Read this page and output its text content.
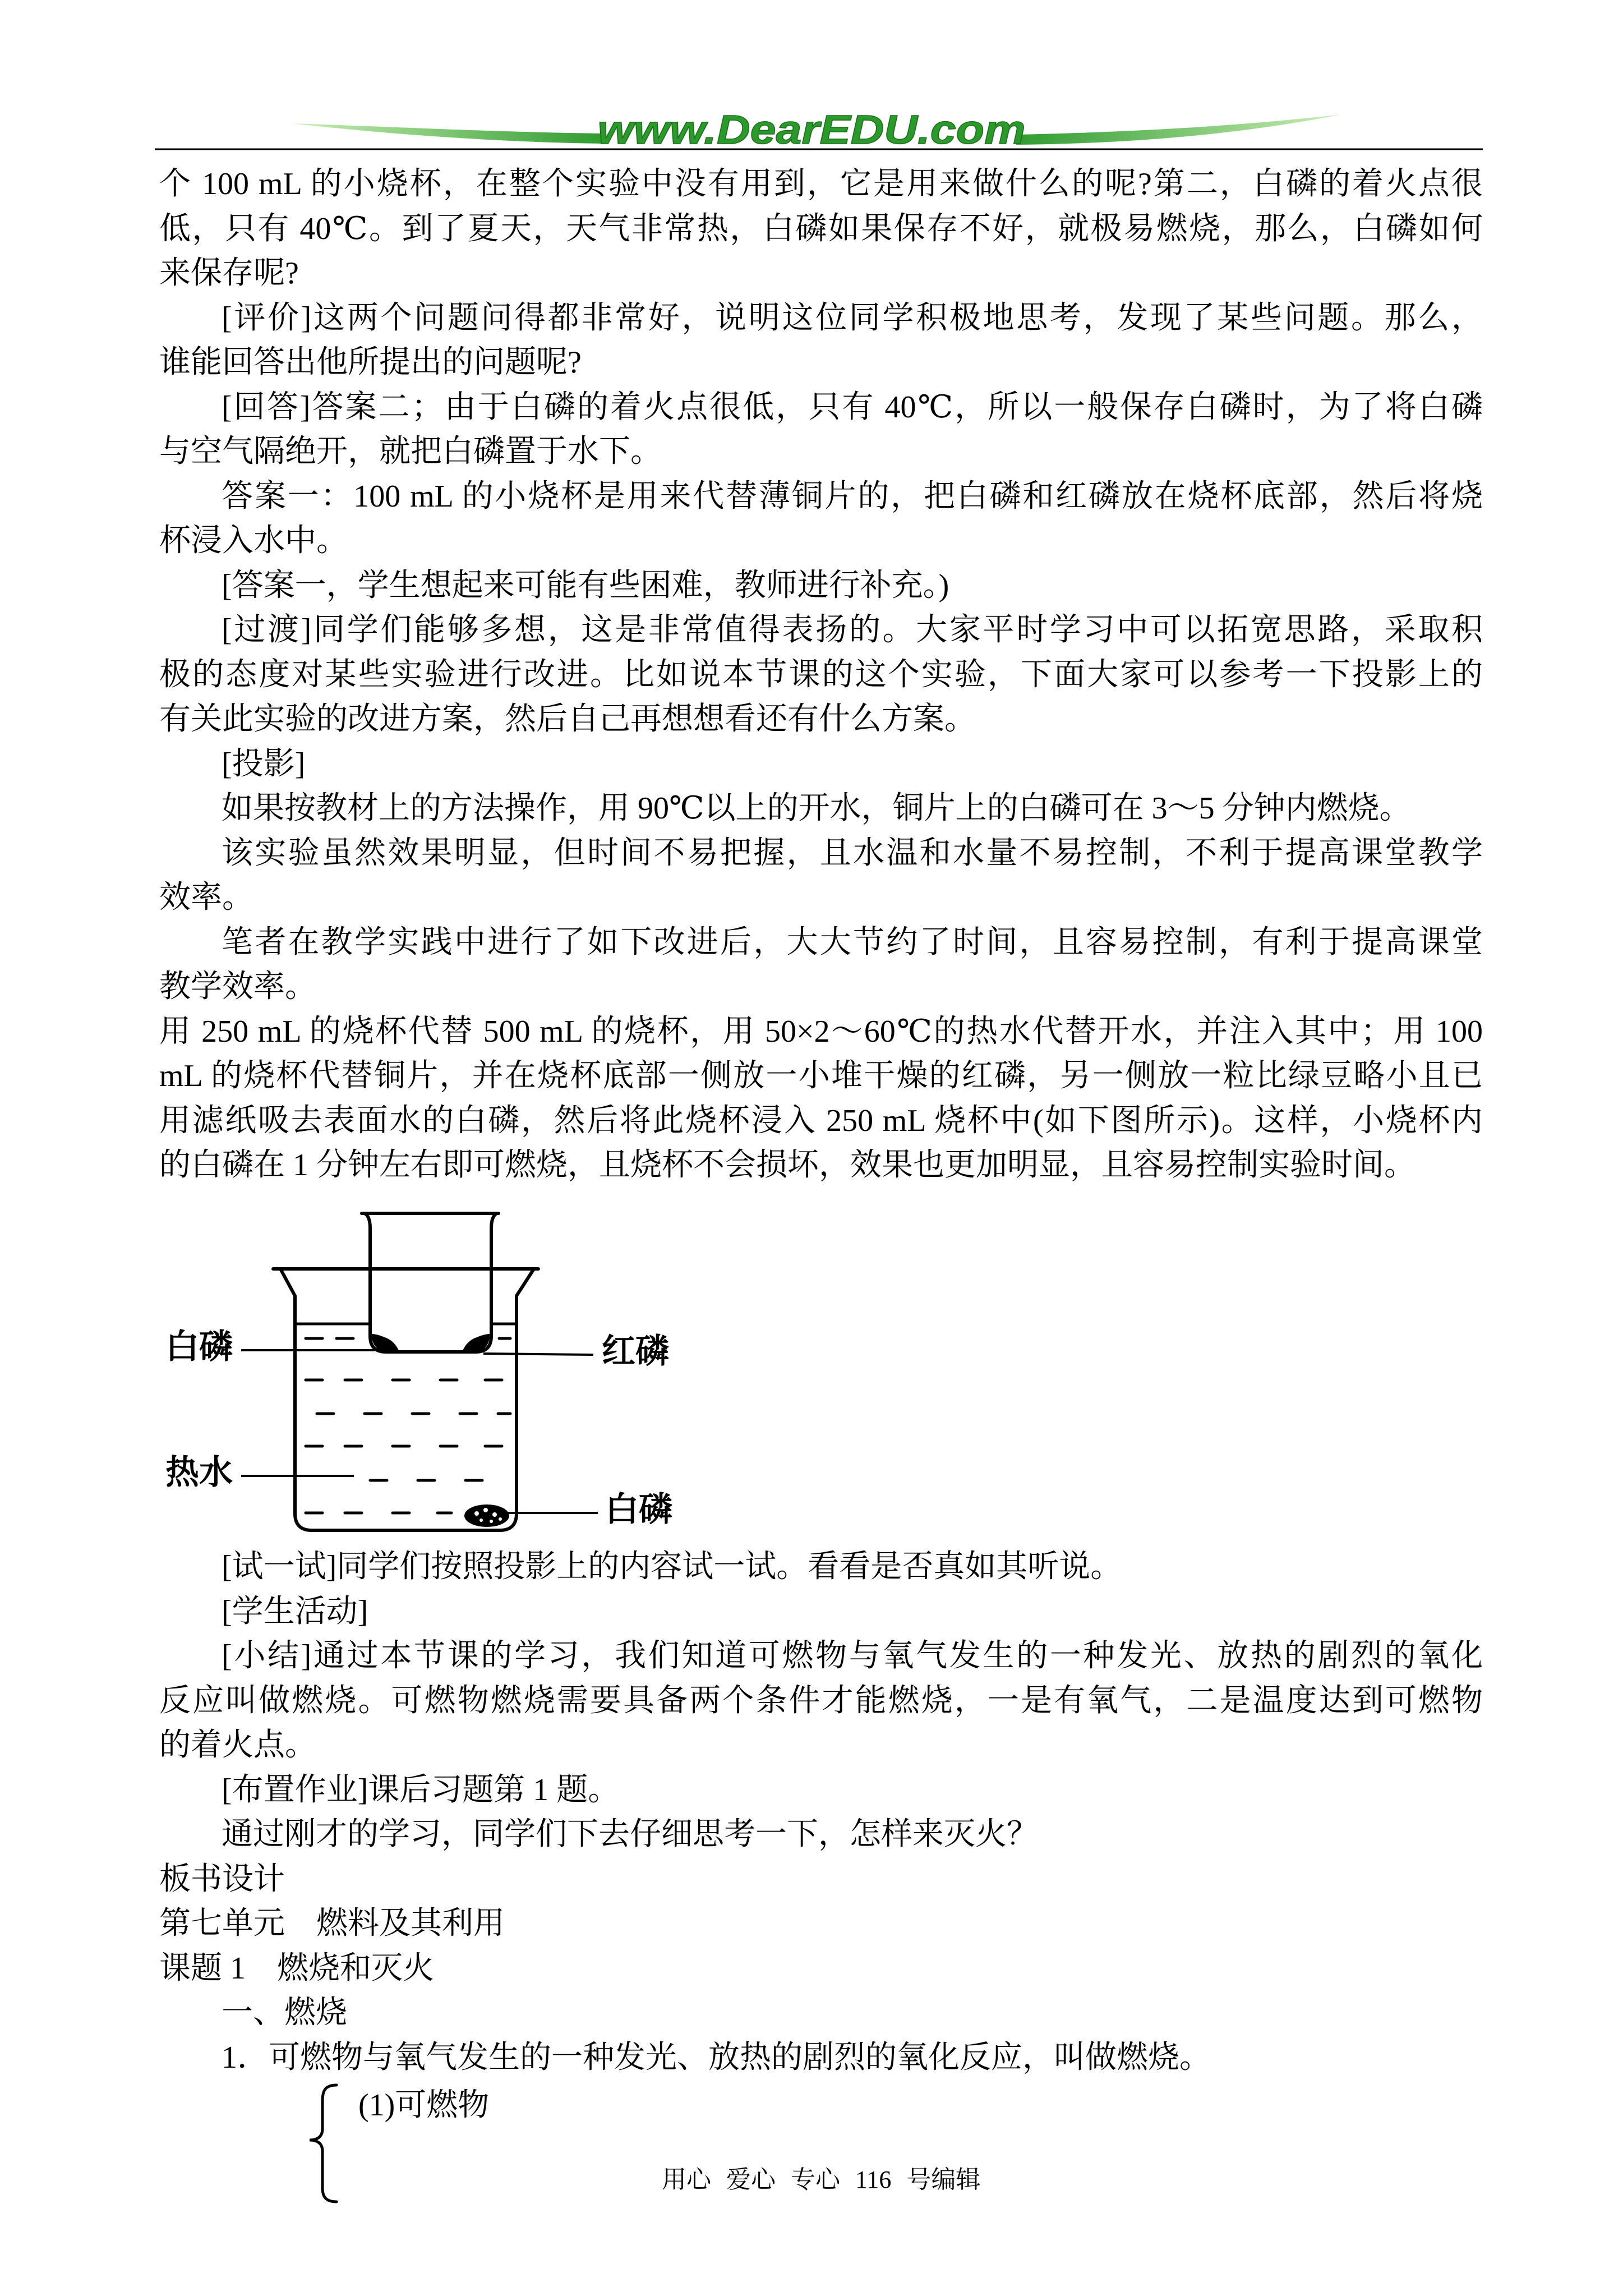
www.DearEDU.com
个 100 mL 的小烧杯，在整个实验中没有用到，它是用来做什么的呢?第二，白磷的着火点很
低，只有 40℃。到了夏天，天气非常热，白磷如果保存不好，就极易燃烧，那么，白磷如何
来保存呢?
[评价]这两个问题问得都非常好，说明这位同学积极地思考，发现了某些问题。那么，
谁能回答出他所提出的问题呢?
[回答]答案二；由于白磷的着火点很低，只有 40℃，所以一般保存白磷时，为了将白磷
与空气隔绝开，就把白磷置于水下。
答案一：100 mL 的小烧杯是用来代替薄铜片的，把白磷和红磷放在烧杯底部，然后将烧
杯浸入水中。
[答案一，学生想起来可能有些困难，教师进行补充。)
[过渡]同学们能够多想，这是非常值得表扬的。大家平时学习中可以拓宽思路，采取积
极的态度对某些实验进行改进。比如说本节课的这个实验，下面大家可以参考一下投影上的
有关此实验的改进方案，然后自己再想想看还有什么方案。
[投影]
如果按教材上的方法操作，用 90℃以上的开水，铜片上的白磷可在 3～5 分钟内燃烧。
该实验虽然效果明显，但时间不易把握，且水温和水量不易控制，不利于提高课堂教学
效率。
笔者在教学实践中进行了如下改进后，大大节约了时间，且容易控制，有利于提高课堂
教学效率。
用 250 mL 的烧杯代替 500 mL 的烧杯，用 50×2～60℃的热水代替开水，并注入其中；用 100
mL 的烧杯代替铜片，并在烧杯底部一侧放一小堆干燥的红磷，另一侧放一粒比绿豆略小且已
用滤纸吸去表面水的白磷，然后将此烧杯浸入 250 mL 烧杯中(如下图所示)。这样，小烧杯内
的白磷在 1 分钟左右即可燃烧，且烧杯不会损坏，效果也更加明显，且容易控制实验时间。
白磷	红磷
热水
白磷
[试一试]同学们按照投影上的内容试一试。看看是否真如其听说。
[学生活动]
[小结]通过本节课的学习，我们知道可燃物与氧气发生的一种发光、放热的剧烈的氧化
反应叫做燃烧。可燃物燃烧需要具备两个条件才能燃烧，一是有氧气，二是温度达到可燃物
的着火点。
[布置作业]课后习题第 1 题。
通过刚才的学习，同学们下去仔细思考一下，怎样来灭火？
板书设计
第七单元　燃料及其利用
课题 1　燃烧和灭火
一、燃烧
1．可燃物与氧气发生的一种发光、放热的剧烈的氧化反应，叫做燃烧。
(1)可燃物
用心 爱心 专心 116 号编辑
